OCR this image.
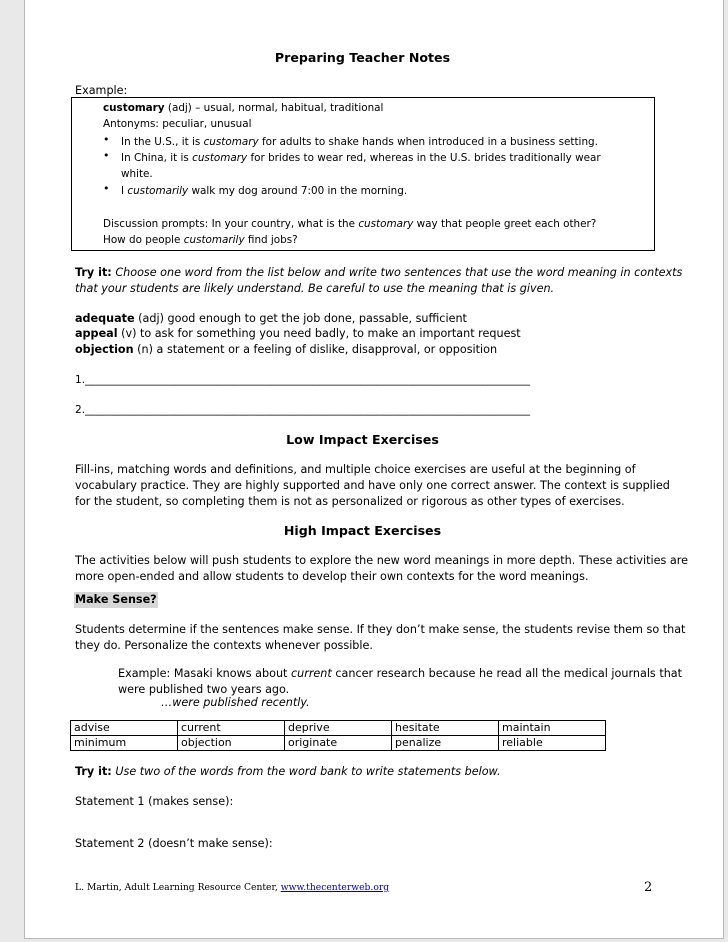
Preparing Teacher Notes
Example:
customary (adj) – usual, normal, habitual, traditional
Antonyms: peculiar, unusual
• In the U.S., it is customary for adults to shake hands when introduced in a business setting.
• In China, it is customary for brides to wear red, whereas in the U.S. brides traditionally wear
white.
• I customarily walk my dog around 7:00 in the morning.
Discussion prompts: In your country, what is the customary way that people greet each other?
How do people customarily find jobs?
Try it: Choose one word from the list below and write two sentences that use the word meaning in contexts
that your students are likely understand. Be careful to use the meaning that is given.
adequate (adj) good enough to get the job done, passable, sufficient
appeal (v) to ask for something you need badly, to make an important request
objection (n) a statement or a feeling of dislike, disapproval, or opposition
1.____________________________________________________________________________________
2.____________________________________________________________________________________
Low Impact Exercises
Fill-ins, matching words and definitions, and multiple choice exercises are useful at the beginning of
vocabulary practice. They are highly supported and have only one correct answer. The context is supplied
for the student, so completing them is not as personalized or rigorous as other types of exercises.
High Impact Exercises
The activities below will push students to explore the new word meanings in more depth. These activities are
more open-ended and allow students to develop their own contexts for the word meanings.
Make Sense?
Students determine if the sentences make sense. If they don’t make sense, the students revise them so that
they do. Personalize the contexts whenever possible.
Example: Masaki knows about current cancer research because he read all the medical journals that
were published two years ago.
…were published recently.
advise	current	deprive	hesitate	maintain
minimum	objection	originate	penalize	reliable
Try it: Use two of the words from the word bank to write statements below.
Statement 1 (makes sense):
Statement 2 (doesn’t make sense):
L. Martin, Adult Learning Resource Center, www.thecenterweb.org	2
